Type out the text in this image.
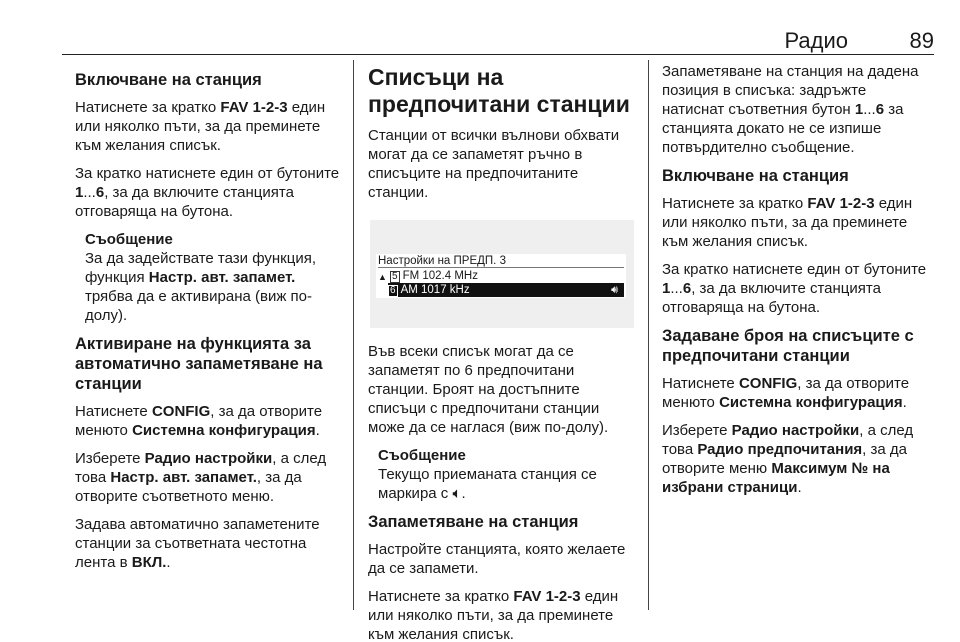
Радио	89
Включване на станция

Натиснете за кратко FAV 1-2-3 един или няколко пъти, за да преминете към желания списък.

За кратко натиснете един от бутоните 1...6, за да включите станцията отговаряща на бутона.

Съобщение
За да задействате тази функция, функция Настр. авт. запамет. трябва да е активирана (виж по-долу).
Активиране на функцията за автоматично запаметяване на станции

Натиснете CONFIG, за да отворите менюто Системна конфигурация.

Изберете Радио настройки, а след това Настр. авт. запамет., за да отворите съответното меню.

Задава автоматично запаметените станции за съответната честотна лента в ВКЛ..

Списъци на предпочитани станции

Станции от всички вълнови обхвати могат да се запаметят ръчно в списъците на предпочитаните станции.

Настройки на ПРЕДП. 3
▲ 5 FM 102.4 MHz
6 AM 1017 kHz	🔊︎

Във всеки списък могат да се запаметят по 6 предпочитани станции. Броят на достъпните списъци с предпочитани станции може да се наглася (виж по-долу).

Съобщение
Текущо приеманата станция се маркира с 🔈︎.
Запаметяване на станция

Настройте станцията, която желаете да се запамети.

Натиснете за кратко FAV 1-2-3 един или няколко пъти, за да преминете към желания списък.

Запаметяване на станция на дадена позиция в списъка: задръжте натиснат съответния бутон 1...6 за станцията докато не се изпише потвърдително съобщение.

Включване на станция

Натиснете за кратко FAV 1-2-3 един или няколко пъти, за да преминете към желания списък.

За кратко натиснете един от бутоните 1...6, за да включите станцията отговаряща на бутона.

Задаване броя на списъците с предпочитани станции

Натиснете CONFIG, за да отворите менюто Системна конфигурация.

Изберете Радио настройки, а след това Радио предпочитания, за да отворите меню Максимум № на избрани страници.
